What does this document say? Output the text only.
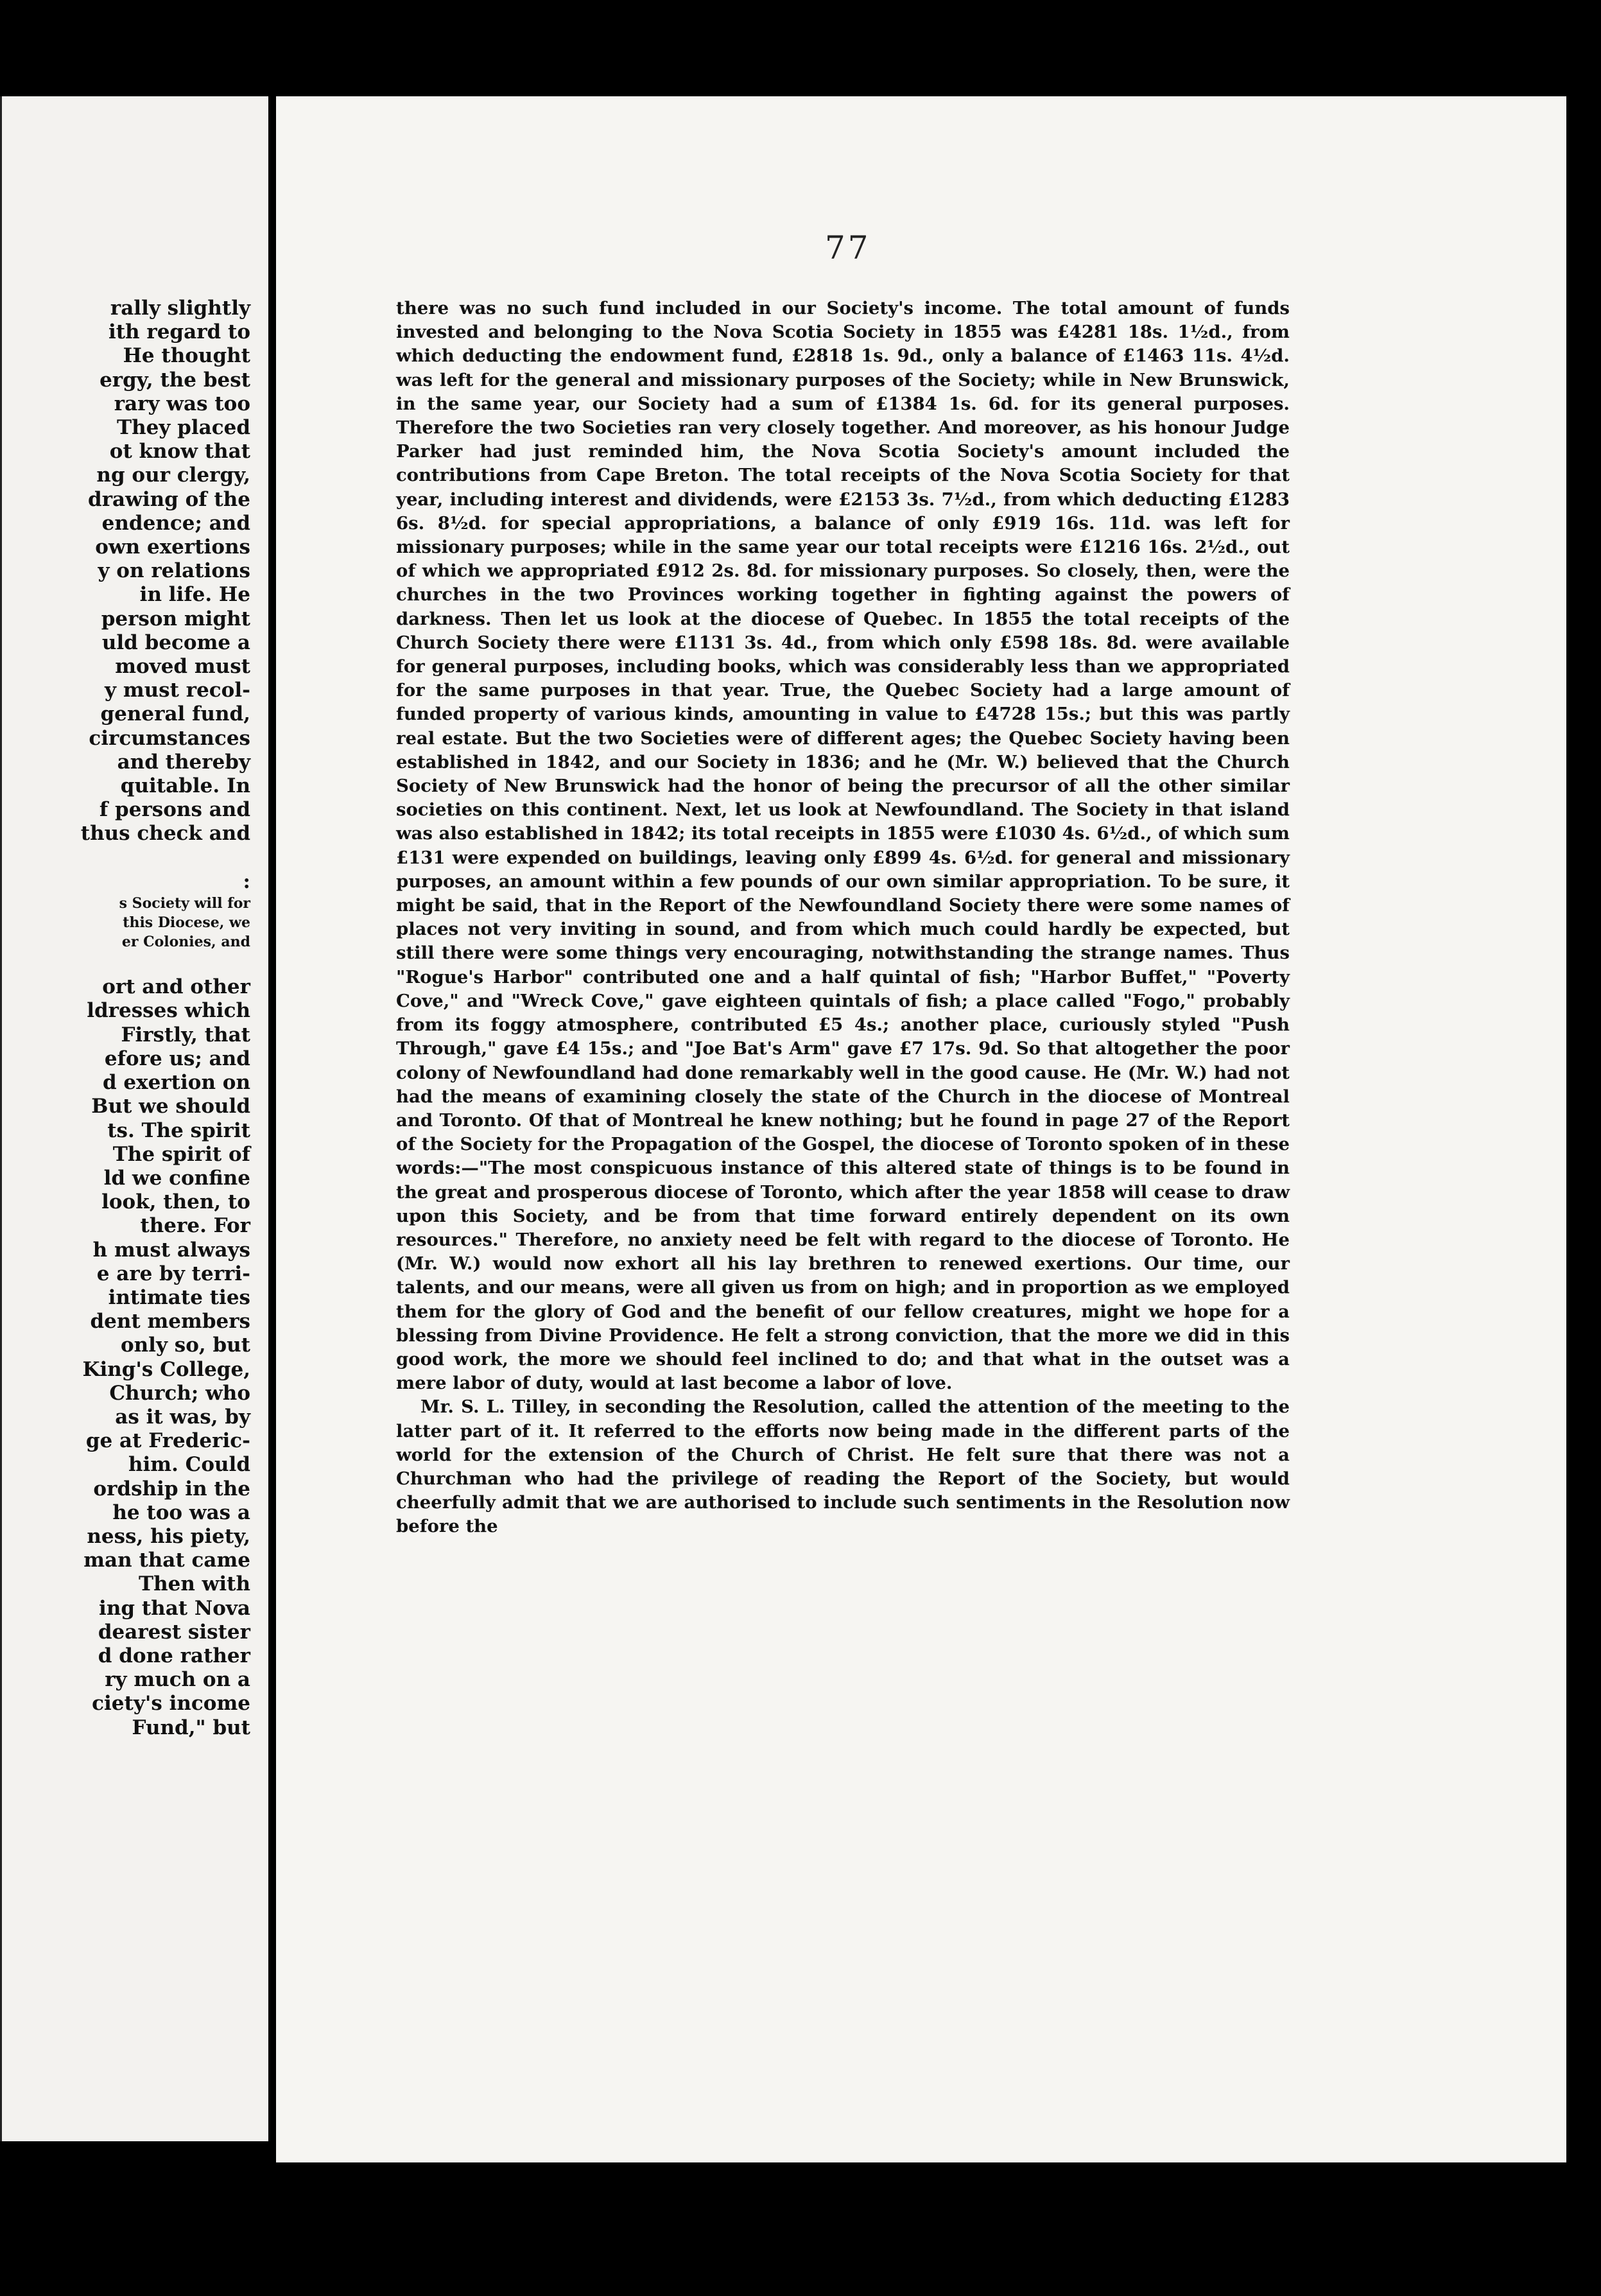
rally slightly
ith regard to
He thought
ergy, the best
rary was too
They placed
ot know that
ng our clergy,
drawing of the
endence; and
own exertions
y on relations
in life. He
person might
uld become a
moved must
y must recol-
general fund,
circumstances
and thereby
quitable. In
f persons and
thus check and

:
s Society will for
this Diocese, we
er Colonies, and

ort and other
ldresses which
Firstly, that
efore us; and
d exertion on
But we should
ts. The spirit
The spirit of
ld we confine
look, then, to
there. For
h must always
e are by terri-
intimate ties
dent members
only so, but
King's College,
Church; who
as it was, by
ge at Frederic-
him. Could
ordship in the
he too was a
ness, his piety,
man that came
Then with
ing that Nova
dearest sister
d done rather
ry much on a
ciety's income
Fund," but
77

there was no such fund included in our Society's income. The total amount of funds invested and belonging to the Nova Scotia Society in 1855 was £4281 18s. 1½d., from which deducting the endowment fund, £2818 1s. 9d., only a balance of £1463 11s. 4½d. was left for the general and missionary purposes of the Society; while in New Brunswick, in the same year, our Society had a sum of £1384 1s. 6d. for its general purposes. Therefore the two Societies ran very closely together. And moreover, as his honour Judge Parker had just reminded him, the Nova Scotia Society's amount included the contributions from Cape Breton. The total receipts of the Nova Scotia Society for that year, including interest and dividends, were £2153 3s. 7½d., from which deducting £1283 6s. 8½d. for special appropriations, a balance of only £919 16s. 11d. was left for missionary purposes; while in the same year our total receipts were £1216 16s. 2½d., out of which we appropriated £912 2s. 8d. for missionary purposes. So closely, then, were the churches in the two Provinces working together in fighting against the powers of darkness. Then let us look at the diocese of Quebec. In 1855 the total receipts of the Church Society there were £1131 3s. 4d., from which only £598 18s. 8d. were available for general purposes, including books, which was considerably less than we appropriated for the same purposes in that year. True, the Quebec Society had a large amount of funded property of various kinds, amounting in value to £4728 15s.; but this was partly real estate. But the two Societies were of different ages; the Quebec Society having been established in 1842, and our Society in 1836; and he (Mr. W.) believed that the Church Society of New Brunswick had the honor of being the precursor of all the other similar societies on this continent. Next, let us look at Newfoundland. The Society in that island was also established in 1842; its total receipts in 1855 were £1030 4s. 6½d., of which sum £131 were expended on buildings, leaving only £899 4s. 6½d. for general and missionary purposes, an amount within a few pounds of our own similar appropriation. To be sure, it might be said, that in the Report of the Newfoundland Society there were some names of places not very inviting in sound, and from which much could hardly be expected, but still there were some things very encouraging, notwithstanding the strange names. Thus "Rogue's Harbor" contributed one and a half quintal of fish; "Harbor Buffet," "Poverty Cove," and "Wreck Cove," gave eighteen quintals of fish; a place called "Fogo," probably from its foggy atmosphere, contributed £5 4s.; another place, curiously styled "Push Through," gave £4 15s.; and "Joe Bat's Arm" gave £7 17s. 9d. So that altogether the poor colony of Newfoundland had done remarkably well in the good cause. He (Mr. W.) had not had the means of examining closely the state of the Church in the diocese of Montreal and Toronto. Of that of Montreal he knew nothing; but he found in page 27 of the Report of the Society for the Propagation of the Gospel, the diocese of Toronto spoken of in these words:—"The most conspicuous instance of this altered state of things is to be found in the great and prosperous diocese of Toronto, which after the year 1858 will cease to draw upon this Society, and be from that time forward entirely dependent on its own resources." Therefore, no anxiety need be felt with regard to the diocese of Toronto. He (Mr. W.) would now exhort all his lay brethren to renewed exertions. Our time, our talents, and our means, were all given us from on high; and in proportion as we employed them for the glory of God and the benefit of our fellow creatures, might we hope for a blessing from Divine Providence. He felt a strong conviction, that the more we did in this good work, the more we should feel inclined to do; and that what in the outset was a mere labor of duty, would at last become a labor of love.

Mr. S. L. Tilley, in seconding the Resolution, called the attention of the meeting to the latter part of it. It referred to the efforts now being made in the different parts of the world for the extension of the Church of Christ. He felt sure that there was not a Churchman who had the privilege of reading the Report of the Society, but would cheerfully admit that we are authorised to include such sentiments in the Resolution now before the
